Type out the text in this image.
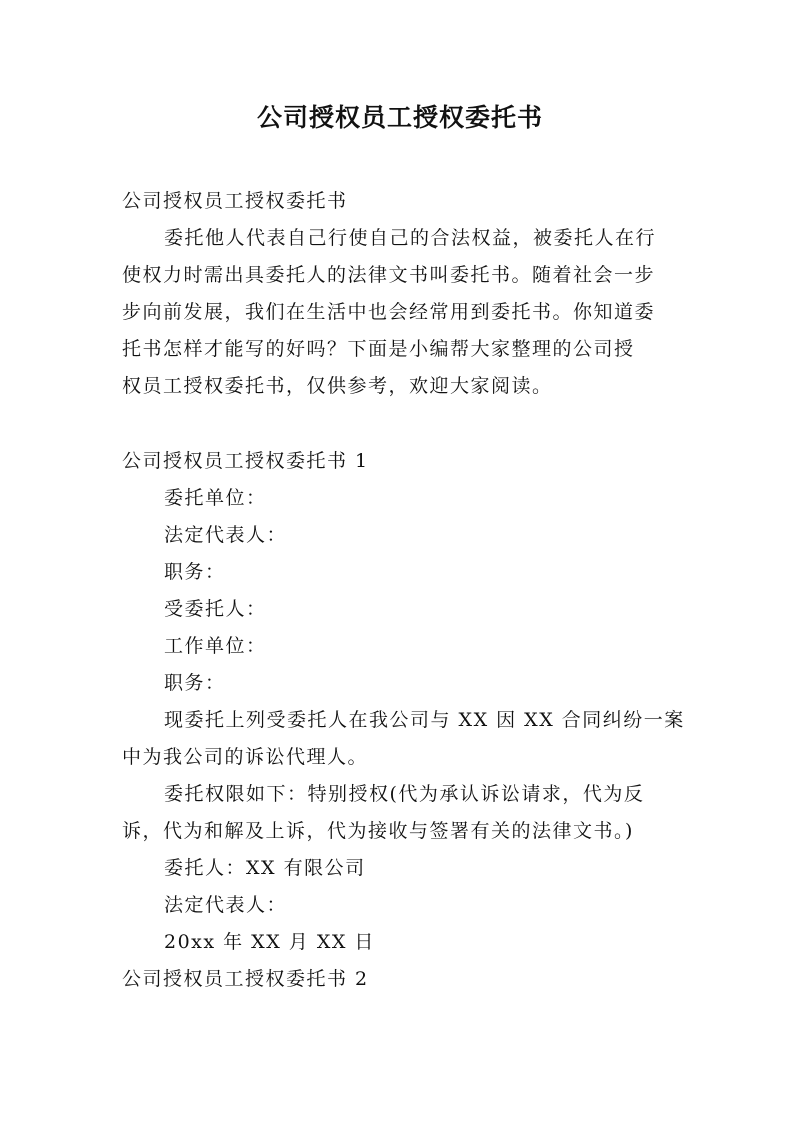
公司授权员工授权委托书
公司授权员工授权委托书
委托他人代表自己行使自己的合法权益，被委托人在行
使权力时需出具委托人的法律文书叫委托书。随着社会一步
步向前发展，我们在生活中也会经常用到委托书。你知道委
托书怎样才能写的好吗？下面是小编帮大家整理的公司授
权员工授权委托书，仅供参考，欢迎大家阅读。
公司授权员工授权委托书 1
委托单位：
法定代表人：
职务：
受委托人：
工作单位：
职务：
现委托上列受委托人在我公司与 XX 因 XX 合同纠纷一案
中为我公司的诉讼代理人。
委托权限如下：特别授权(代为承认诉讼请求，代为反
诉，代为和解及上诉，代为接收与签署有关的法律文书。)
委托人：XX 有限公司
法定代表人：
20xx 年 XX 月 XX 日
公司授权员工授权委托书 2
